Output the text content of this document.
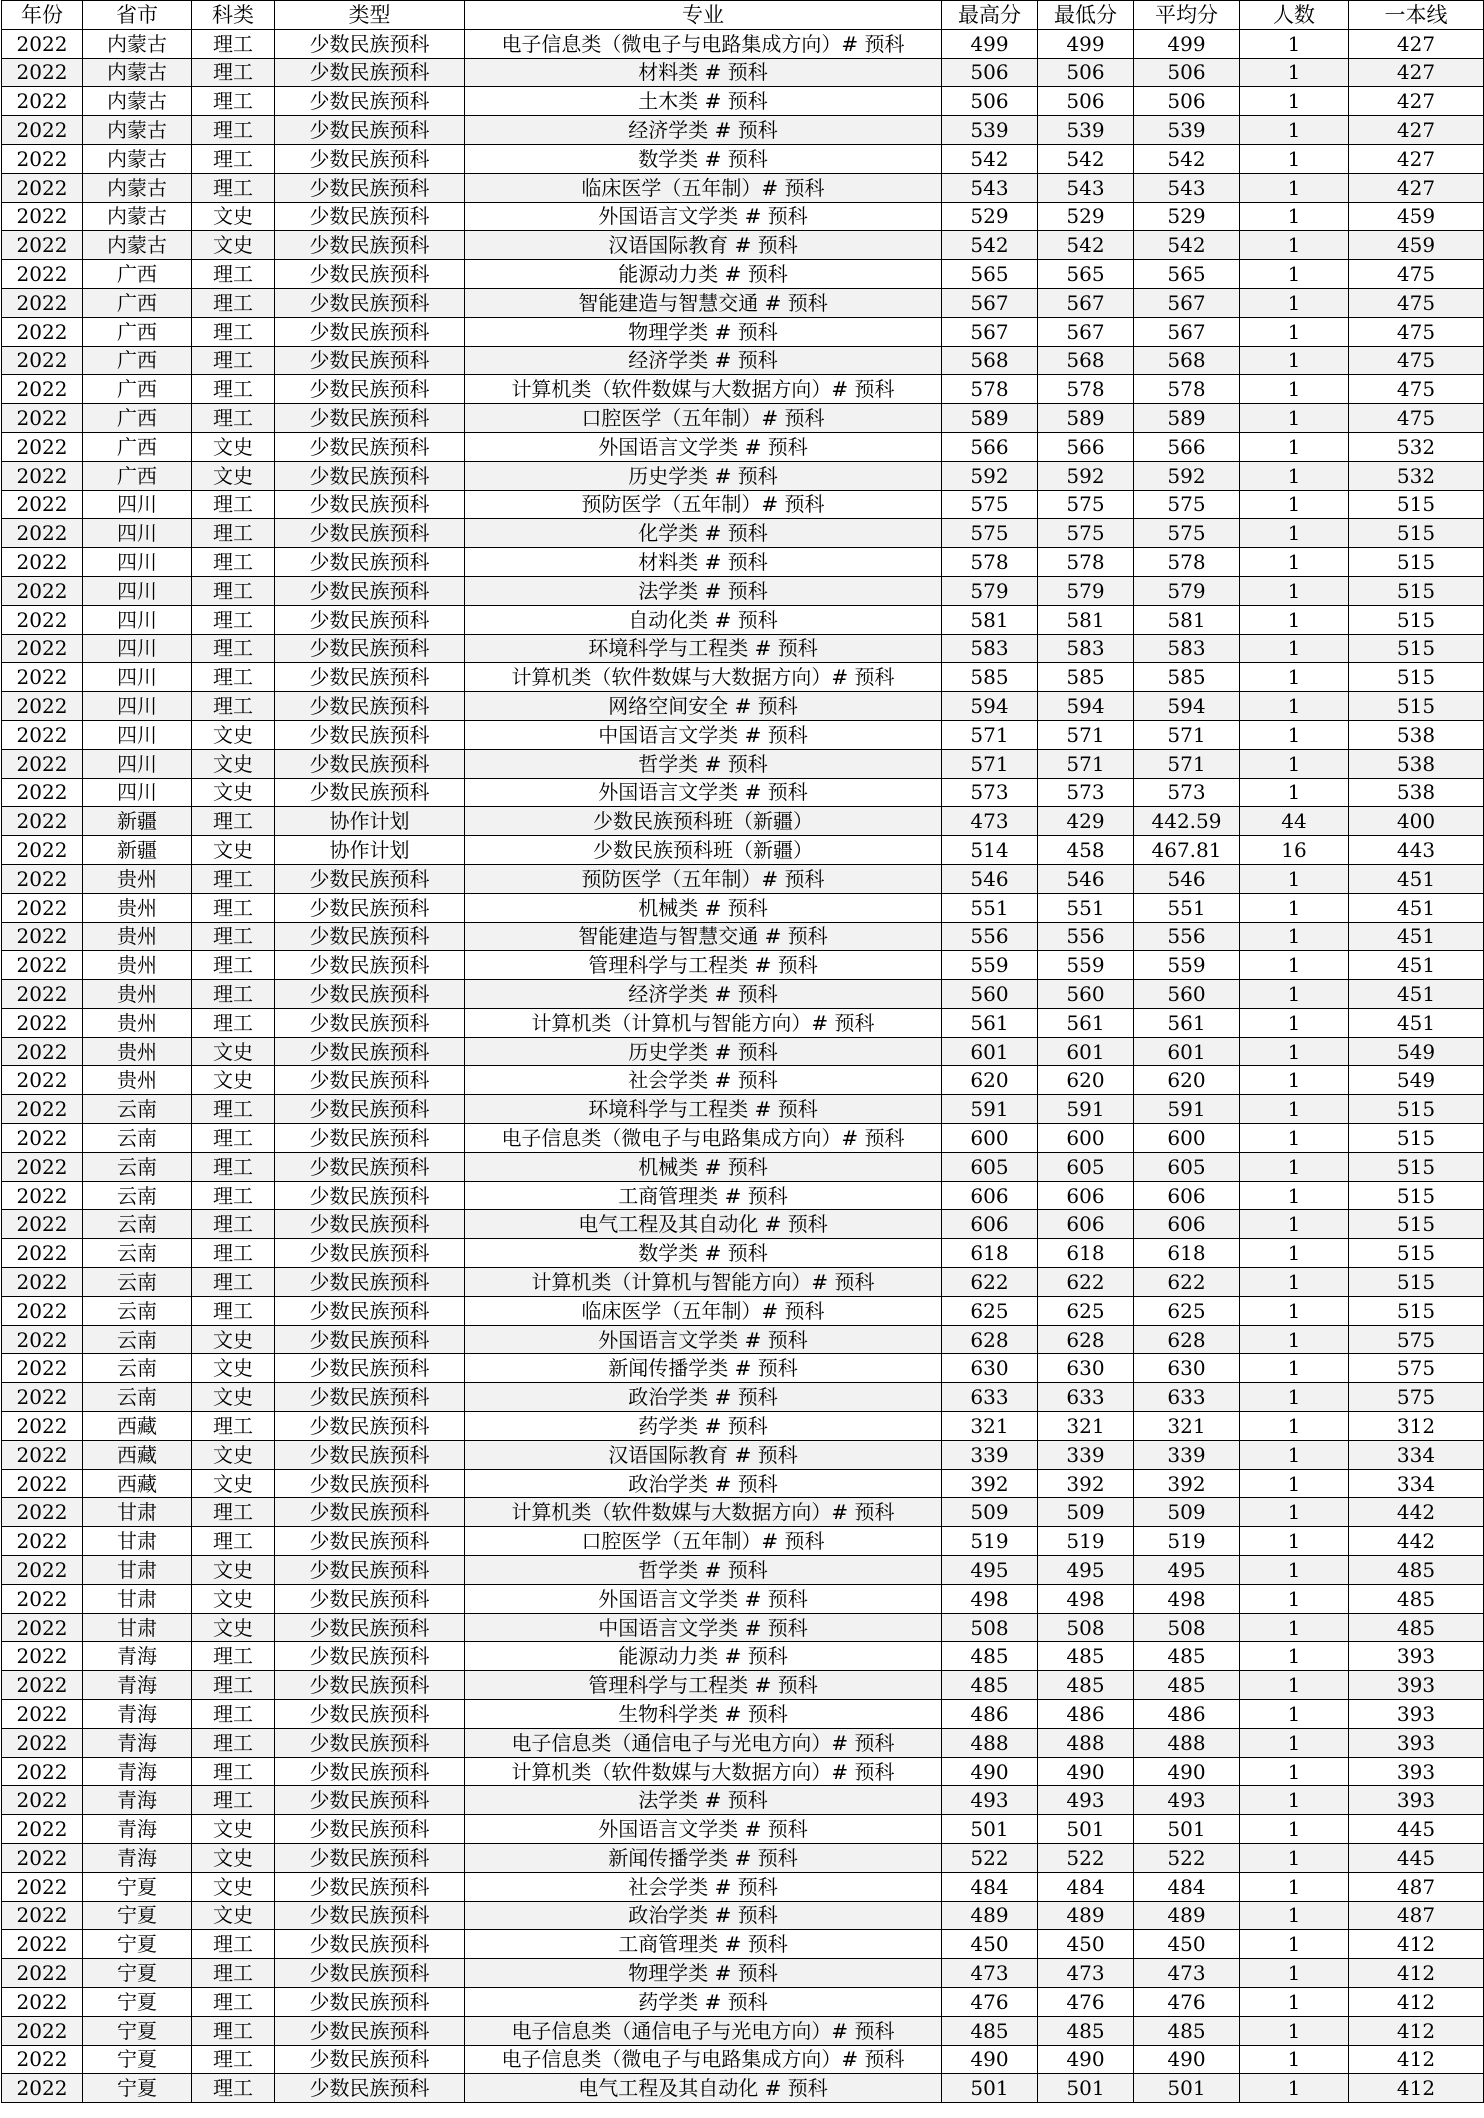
年份	省市	科类	类型	专业	最高分	最低分	平均分	人数	一本线
2022	内蒙古	理工	少数民族预科	电子信息类（微电子与电路集成方向）# 预科	499	499	499	1	427
2022	内蒙古	理工	少数民族预科	材料类 # 预科	506	506	506	1	427
2022	内蒙古	理工	少数民族预科	土木类 # 预科	506	506	506	1	427
2022	内蒙古	理工	少数民族预科	经济学类 # 预科	539	539	539	1	427
2022	内蒙古	理工	少数民族预科	数学类 # 预科	542	542	542	1	427
2022	内蒙古	理工	少数民族预科	临床医学（五年制）# 预科	543	543	543	1	427
2022	内蒙古	文史	少数民族预科	外国语言文学类 # 预科	529	529	529	1	459
2022	内蒙古	文史	少数民族预科	汉语国际教育 # 预科	542	542	542	1	459
2022	广西	理工	少数民族预科	能源动力类 # 预科	565	565	565	1	475
2022	广西	理工	少数民族预科	智能建造与智慧交通 # 预科	567	567	567	1	475
2022	广西	理工	少数民族预科	物理学类 # 预科	567	567	567	1	475
2022	广西	理工	少数民族预科	经济学类 # 预科	568	568	568	1	475
2022	广西	理工	少数民族预科	计算机类（软件数媒与大数据方向）# 预科	578	578	578	1	475
2022	广西	理工	少数民族预科	口腔医学（五年制）# 预科	589	589	589	1	475
2022	广西	文史	少数民族预科	外国语言文学类 # 预科	566	566	566	1	532
2022	广西	文史	少数民族预科	历史学类 # 预科	592	592	592	1	532
2022	四川	理工	少数民族预科	预防医学（五年制）# 预科	575	575	575	1	515
2022	四川	理工	少数民族预科	化学类 # 预科	575	575	575	1	515
2022	四川	理工	少数民族预科	材料类 # 预科	578	578	578	1	515
2022	四川	理工	少数民族预科	法学类 # 预科	579	579	579	1	515
2022	四川	理工	少数民族预科	自动化类 # 预科	581	581	581	1	515
2022	四川	理工	少数民族预科	环境科学与工程类 # 预科	583	583	583	1	515
2022	四川	理工	少数民族预科	计算机类（软件数媒与大数据方向）# 预科	585	585	585	1	515
2022	四川	理工	少数民族预科	网络空间安全 # 预科	594	594	594	1	515
2022	四川	文史	少数民族预科	中国语言文学类 # 预科	571	571	571	1	538
2022	四川	文史	少数民族预科	哲学类 # 预科	571	571	571	1	538
2022	四川	文史	少数民族预科	外国语言文学类 # 预科	573	573	573	1	538
2022	新疆	理工	协作计划	少数民族预科班（新疆）	473	429	442.59	44	400
2022	新疆	文史	协作计划	少数民族预科班（新疆）	514	458	467.81	16	443
2022	贵州	理工	少数民族预科	预防医学（五年制）# 预科	546	546	546	1	451
2022	贵州	理工	少数民族预科	机械类 # 预科	551	551	551	1	451
2022	贵州	理工	少数民族预科	智能建造与智慧交通 # 预科	556	556	556	1	451
2022	贵州	理工	少数民族预科	管理科学与工程类 # 预科	559	559	559	1	451
2022	贵州	理工	少数民族预科	经济学类 # 预科	560	560	560	1	451
2022	贵州	理工	少数民族预科	计算机类（计算机与智能方向）# 预科	561	561	561	1	451
2022	贵州	文史	少数民族预科	历史学类 # 预科	601	601	601	1	549
2022	贵州	文史	少数民族预科	社会学类 # 预科	620	620	620	1	549
2022	云南	理工	少数民族预科	环境科学与工程类 # 预科	591	591	591	1	515
2022	云南	理工	少数民族预科	电子信息类（微电子与电路集成方向）# 预科	600	600	600	1	515
2022	云南	理工	少数民族预科	机械类 # 预科	605	605	605	1	515
2022	云南	理工	少数民族预科	工商管理类 # 预科	606	606	606	1	515
2022	云南	理工	少数民族预科	电气工程及其自动化 # 预科	606	606	606	1	515
2022	云南	理工	少数民族预科	数学类 # 预科	618	618	618	1	515
2022	云南	理工	少数民族预科	计算机类（计算机与智能方向）# 预科	622	622	622	1	515
2022	云南	理工	少数民族预科	临床医学（五年制）# 预科	625	625	625	1	515
2022	云南	文史	少数民族预科	外国语言文学类 # 预科	628	628	628	1	575
2022	云南	文史	少数民族预科	新闻传播学类 # 预科	630	630	630	1	575
2022	云南	文史	少数民族预科	政治学类 # 预科	633	633	633	1	575
2022	西藏	理工	少数民族预科	药学类 # 预科	321	321	321	1	312
2022	西藏	文史	少数民族预科	汉语国际教育 # 预科	339	339	339	1	334
2022	西藏	文史	少数民族预科	政治学类 # 预科	392	392	392	1	334
2022	甘肃	理工	少数民族预科	计算机类（软件数媒与大数据方向）# 预科	509	509	509	1	442
2022	甘肃	理工	少数民族预科	口腔医学（五年制）# 预科	519	519	519	1	442
2022	甘肃	文史	少数民族预科	哲学类 # 预科	495	495	495	1	485
2022	甘肃	文史	少数民族预科	外国语言文学类 # 预科	498	498	498	1	485
2022	甘肃	文史	少数民族预科	中国语言文学类 # 预科	508	508	508	1	485
2022	青海	理工	少数民族预科	能源动力类 # 预科	485	485	485	1	393
2022	青海	理工	少数民族预科	管理科学与工程类 # 预科	485	485	485	1	393
2022	青海	理工	少数民族预科	生物科学类 # 预科	486	486	486	1	393
2022	青海	理工	少数民族预科	电子信息类（通信电子与光电方向）# 预科	488	488	488	1	393
2022	青海	理工	少数民族预科	计算机类（软件数媒与大数据方向）# 预科	490	490	490	1	393
2022	青海	理工	少数民族预科	法学类 # 预科	493	493	493	1	393
2022	青海	文史	少数民族预科	外国语言文学类 # 预科	501	501	501	1	445
2022	青海	文史	少数民族预科	新闻传播学类 # 预科	522	522	522	1	445
2022	宁夏	文史	少数民族预科	社会学类 # 预科	484	484	484	1	487
2022	宁夏	文史	少数民族预科	政治学类 # 预科	489	489	489	1	487
2022	宁夏	理工	少数民族预科	工商管理类 # 预科	450	450	450	1	412
2022	宁夏	理工	少数民族预科	物理学类 # 预科	473	473	473	1	412
2022	宁夏	理工	少数民族预科	药学类 # 预科	476	476	476	1	412
2022	宁夏	理工	少数民族预科	电子信息类（通信电子与光电方向）# 预科	485	485	485	1	412
2022	宁夏	理工	少数民族预科	电子信息类（微电子与电路集成方向）# 预科	490	490	490	1	412
2022	宁夏	理工	少数民族预科	电气工程及其自动化 # 预科	501	501	501	1	412
